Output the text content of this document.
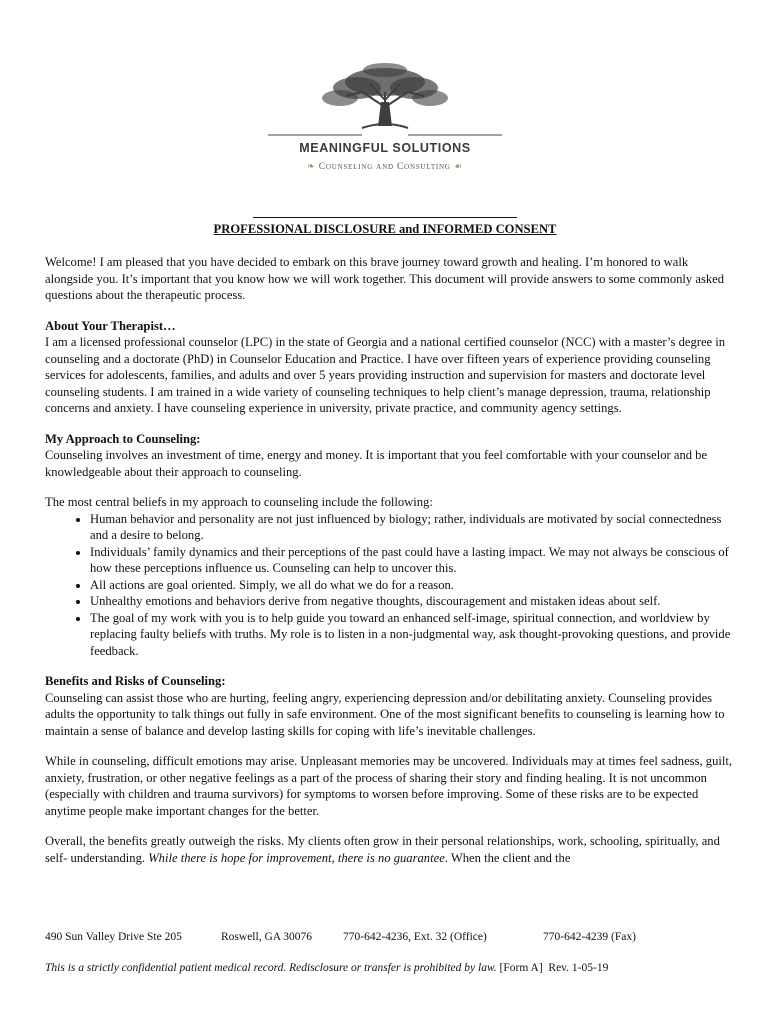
MEANINGFUL SOLUTIONS
❧ Counseling and Consulting ☙
PROFESSIONAL DISCLOSURE and INFORMED CONSENT

Welcome! I am pleased that you have decided to embark on this brave journey toward growth and healing. I’m honored to walk alongside you. It’s important that you know how we will work together. This document will provide answers to some commonly asked questions about the therapeutic process.

About Your Therapist…
I am a licensed professional counselor (LPC) in the state of Georgia and a national certified counselor (NCC) with a master’s degree in counseling and a doctorate (PhD) in Counselor Education and Practice. I have over fifteen years of experience providing counseling services for adolescents, families, and adults and over 5 years providing instruction and supervision for masters and doctorate level counseling students. I am trained in a wide variety of counseling techniques to help client’s manage depression, trauma, relationship concerns and anxiety. I have counseling experience in university, private practice, and community agency settings.
My Approach to Counseling:
Counseling involves an investment of time, energy and money. It is important that you feel comfortable with your counselor and be knowledgeable about their approach to counseling.
The most central beliefs in my approach to counseling include the following:
• Human behavior and personality are not just influenced by biology; rather, individuals are motivated by social connectedness and a desire to belong.
• Individuals’ family dynamics and their perceptions of the past could have a lasting impact. We may not always be conscious of how these perceptions influence us. Counseling can help to uncover this.
• All actions are goal oriented. Simply, we all do what we do for a reason.
• Unhealthy emotions and behaviors derive from negative thoughts, discouragement and mistaken ideas about self.
• The goal of my work with you is to help guide you toward an enhanced self-image, spiritual connection, and worldview by replacing faulty beliefs with truths. My role is to listen in a non-judgmental way, ask thought-provoking questions, and provide feedback.
Benefits and Risks of Counseling:
Counseling can assist those who are hurting, feeling angry, experiencing depression and/or debilitating anxiety. Counseling provides adults the opportunity to talk things out fully in safe environment. One of the most significant benefits to counseling is learning how to maintain a sense of balance and develop lasting skills for coping with life’s inevitable challenges.

While in counseling, difficult emotions may arise. Unpleasant memories may be uncovered. Individuals may at times feel sadness, guilt, anxiety, frustration, or other negative feelings as a part of the process of sharing their story and finding healing. It is not uncommon (especially with children and trauma survivors) for symptoms to worsen before improving. Some of these risks are to be expected anytime people make important changes for the better.

Overall, the benefits greatly outweigh the risks. My clients often grow in their personal relationships, work, schooling, spiritually, and self- understanding. While there is hope for improvement, there is no guarantee. When the client and the

490 Sun Valley Drive Ste 205	Roswell, GA 30076	770-642-4236, Ext. 32 (Office)	770-642-4239 (Fax)
This is a strictly confidential patient medical record. Redisclosure or transfer is prohibited by law. [Form A] Rev. 1-05-19
